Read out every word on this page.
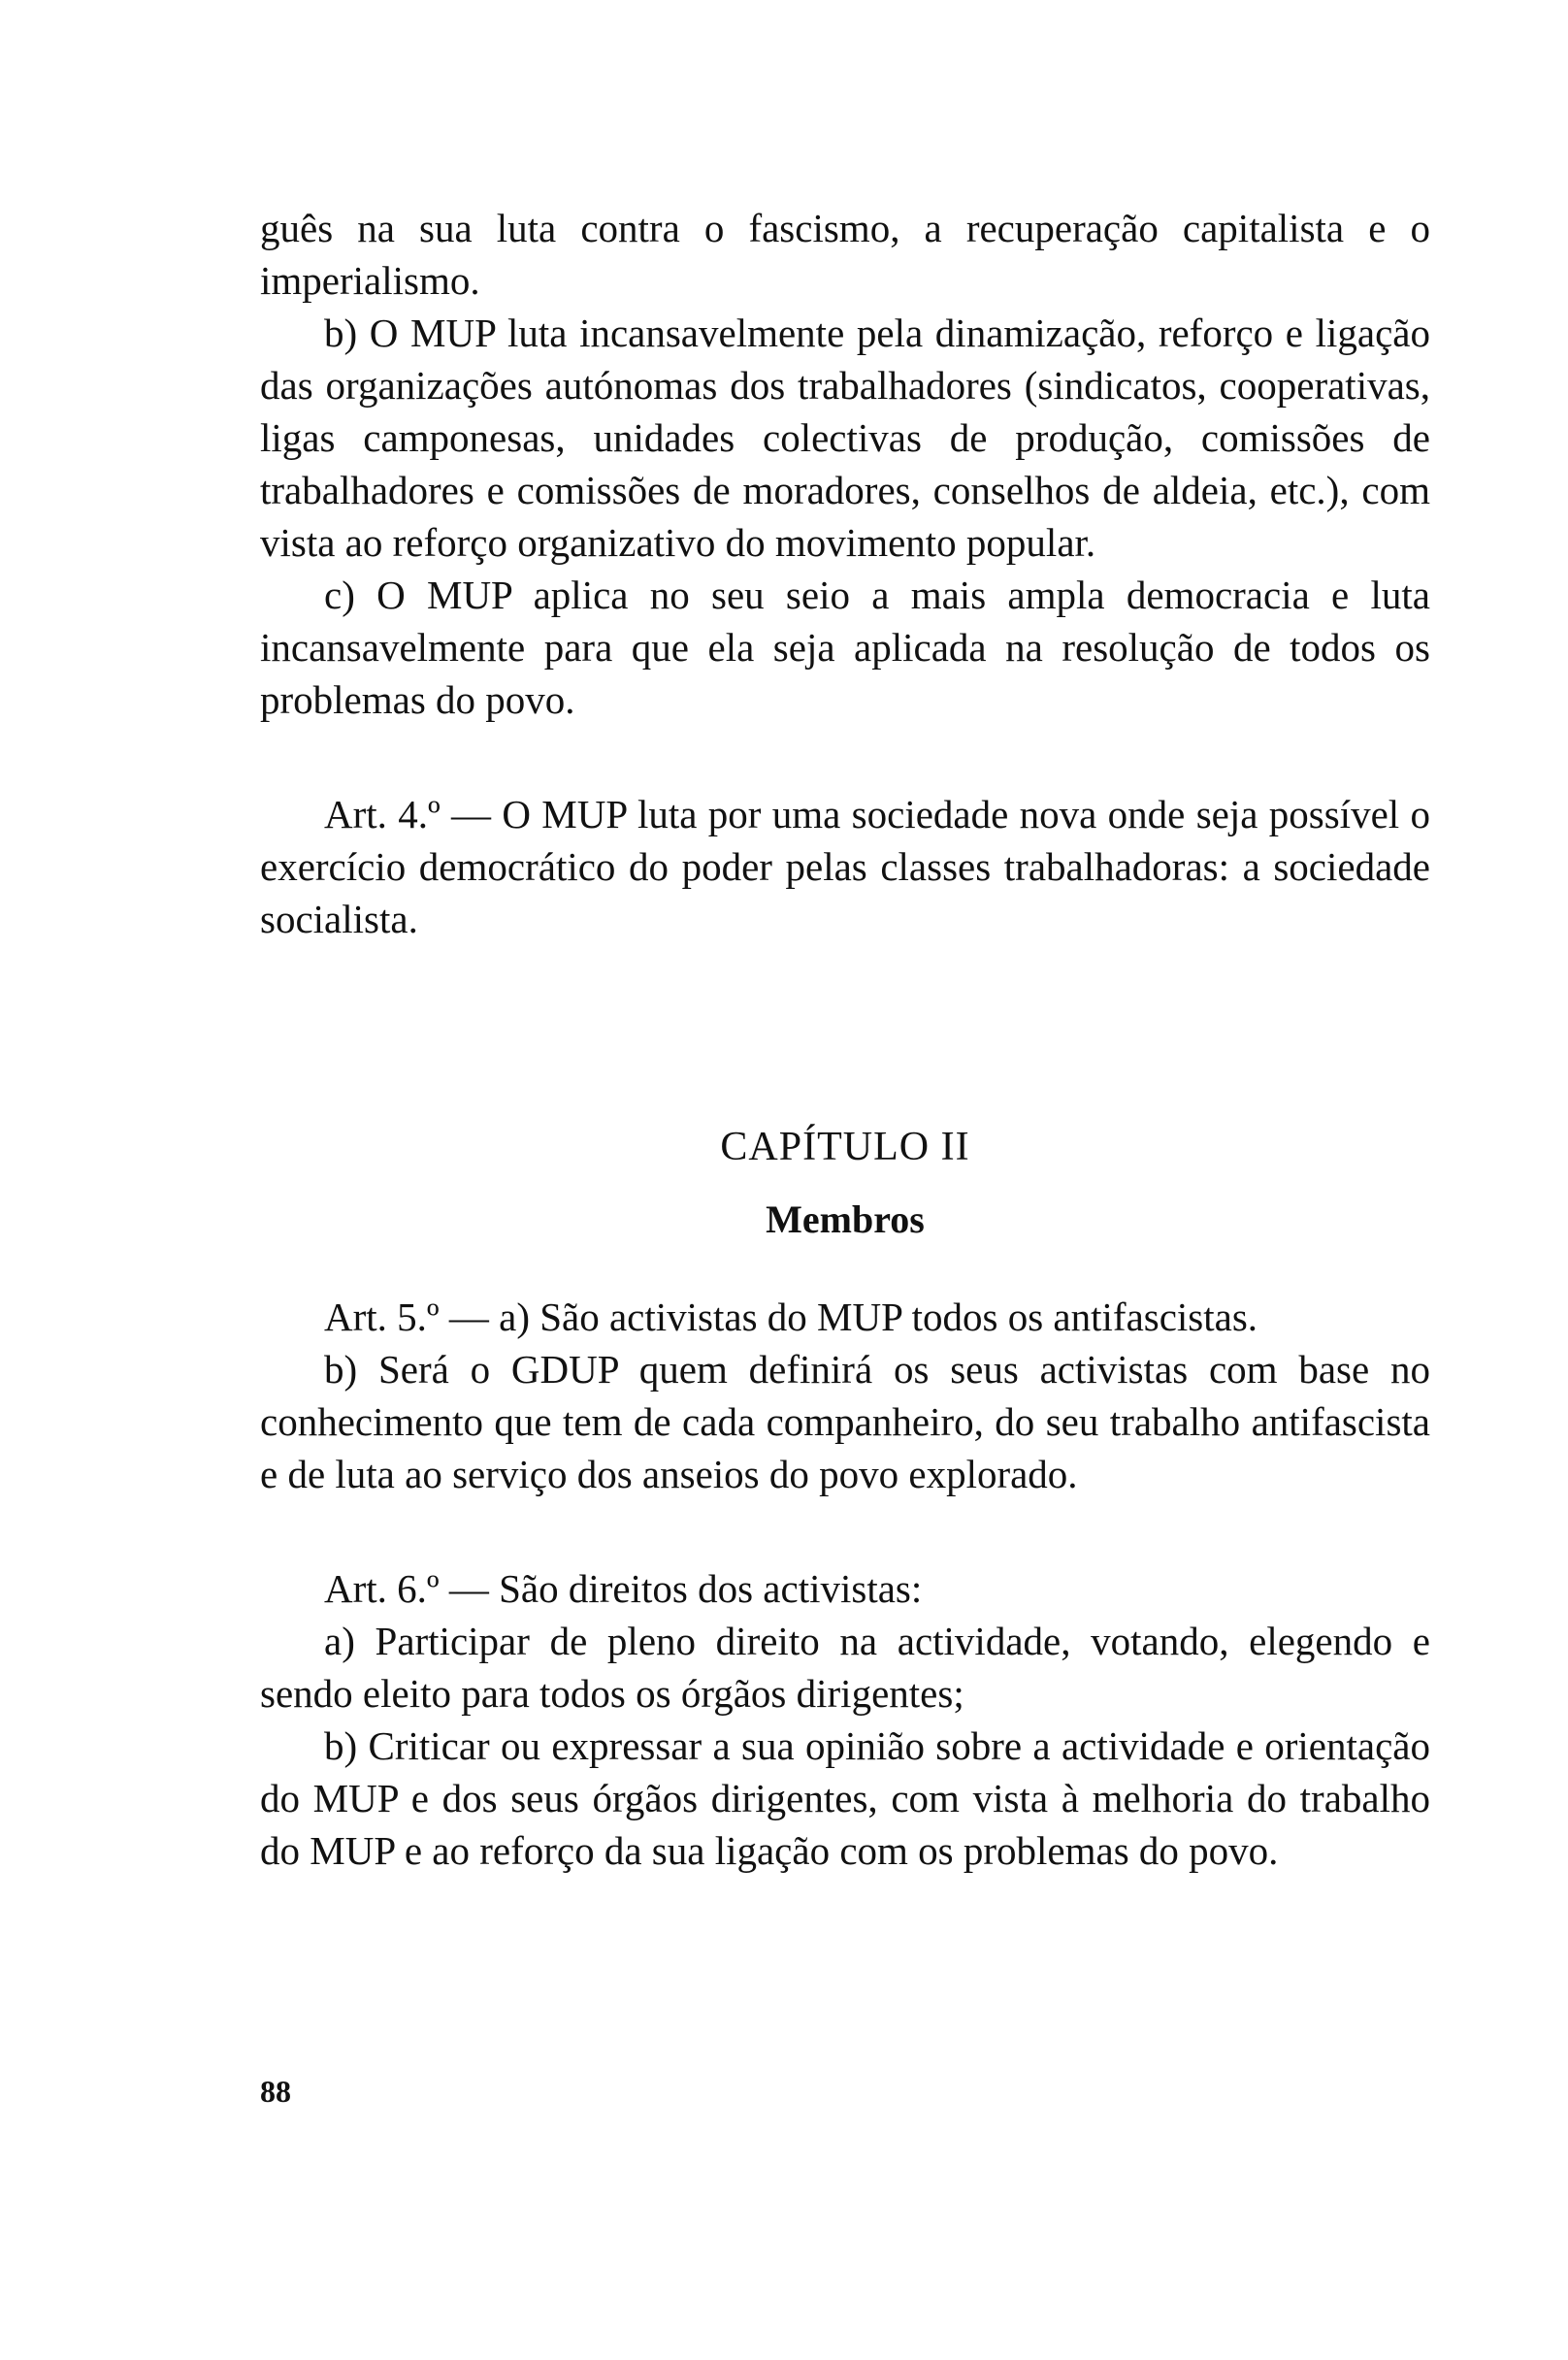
guês na sua luta contra o fascismo, a recuperação capitalista e o imperialismo.

b) O MUP luta incansavelmente pela dinamização, reforço e ligação das organizações autónomas dos trabalhadores (sindicatos, cooperativas, ligas camponesas, unidades colectivas de produção, comissões de trabalhadores e comissões de moradores, conselhos de aldeia, etc.), com vista ao reforço organizativo do movimento popular.

c) O MUP aplica no seu seio a mais ampla democracia e luta incansavelmente para que ela seja aplicada na resolução de todos os problemas do povo.

Art. 4.º — O MUP luta por uma sociedade nova onde seja possível o exercício democrático do poder pelas classes trabalhadoras: a sociedade socialista.

CAPÍTULO II
Membros

Art. 5.º — a) São activistas do MUP todos os antifascistas.

b) Será o GDUP quem definirá os seus activistas com base no conhecimento que tem de cada companheiro, do seu trabalho antifascista e de luta ao serviço dos anseios do povo explorado.

Art. 6.º — São direitos dos activistas:

a) Participar de pleno direito na actividade, votando, elegendo e sendo eleito para todos os órgãos dirigentes;

b) Criticar ou expressar a sua opinião sobre a actividade e orientação do MUP e dos seus órgãos dirigentes, com vista à melhoria do trabalho do MUP e ao reforço da sua ligação com os problemas do povo.

88
